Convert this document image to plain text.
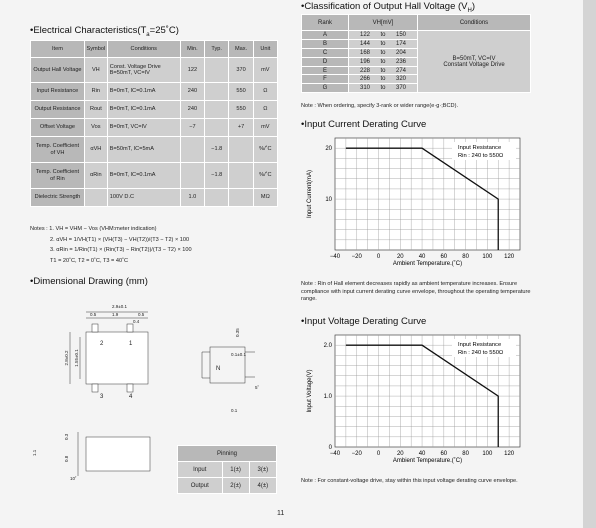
•Electrical $Characteristics(T_a=25˚C)$
Item	Symbol	Conditions	Min.	Typ.	Max.	Unit
Output Hall Voltage	VH	Const. Voltage Drive
B=50mT, VC=IV	122		370	mV
Input Resistance	Rin	B=0mT, IC=0.1mA	240		550	Ω
Output Resistance	Rout	B=0mT, IC=0.1mA	240		550	Ω
Offset Voltage	Vos	B=0mT, VC=IV	−7		+7	mV
Temp. Coefficient of VH	αVH	B=50mT, IC=5mA		−1.8		%/˚C
Temp. Coefficient of Rin	αRin	B=0mT, IC=0.1mA		−1.8		%/˚C
Dielectric Strength		100V D.C	1.0			MΩ
Notes : 1. VH = VHM − Vos (VHM:meter indication)
2. αVH = 1/VH(T1) × (VH(T3) − VH(T2))/(T3 − T2) × 100
3. αRin = 1/Rin(T1) × (Rin(T3) − Rin(T2))/(T3 − T2) × 100
T1 = 20˚C, T2 = 0˚C, T3 = 40˚C
•Dimensional Drawing (mm)
2.9±0.1
0.5	1.9	0.5
0.4
2.8±0.2 1.55±0.1
0.35
0.1±0.1
0.1
1.1
0.3
0.8
10˚
5˚
N
1
2
3	4
Pinning		
Input	1(±)	3(±)
Output	2(±)	4(±)
•Classification of Output Hall Voltage $(V_H)$
Rank	VH[mV]	Conditions
A	122 to 150	B=50mT, VC=IV
Constant Voltage Drive

B	144 to 174	
C	168 to 204	
D	196 to 236	
E	228 to 274	
F	266 to 320	
G	310 to 370	
Note : When ordering, specify 3-rank or wider range(e·g·;BCD).
•Input Current Derating Curve
−40 −20 0	20	40	60	80 100 120
10
20
Ambient Temperature.(˚C)
Input Current(mA)
Input Resistance
Rin : 240 to 550Ω
Note : Rin of Hall element decreases rapidly as ambient temperature increases. Ensure compliance with input current derating curve envelope, throughout the operating temperature range.
•Input Voltage Derating Curve
−40 −20 0	20	40	60	80 100 120
0
1.0
2.0
Ambient Temperature.(˚C)
Input Voltage(V)
Input Resistance
Rin : 240 to 550Ω
Note : For constant-voltage drive, stay within this input voltage derating curve envelope.
11
